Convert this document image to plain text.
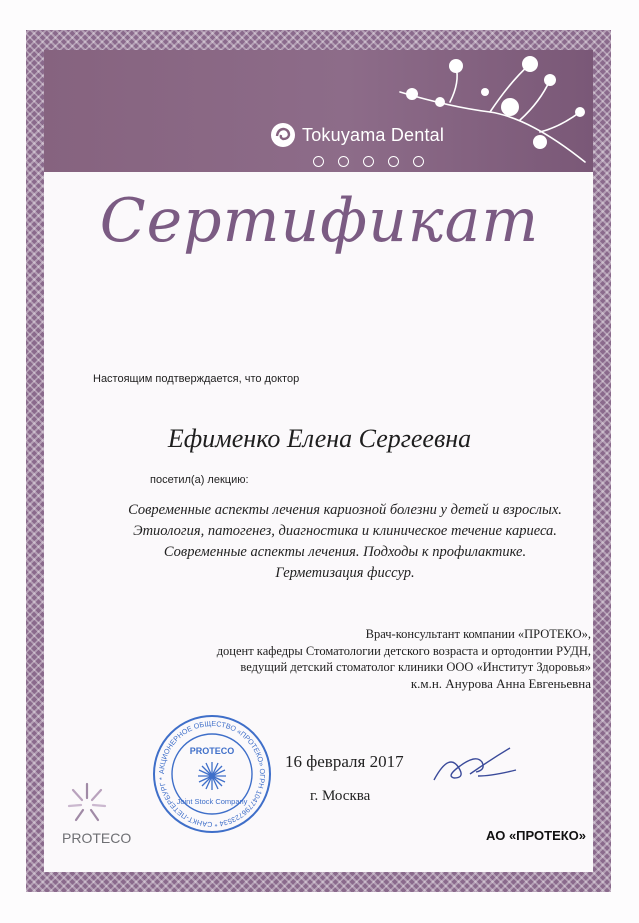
Tokuyama Dental
Сертификат
Настоящим подтверждается, что доктор
Ефименко Елена Сергеевна
посетил(а) лекцию:
Современные аспекты лечения кариозной болезни у детей и взрослых.
Этиология, патогенез, диагностика и клиническое течение кариеса.
Современные аспекты лечения. Подходы к профилактике.
Герметизация фиссур.
Врач-консультант компании «ПРОТЕКО»,
доцент кафедры Стоматологии детского возраста и ортодонтии РУДН,
ведущий детский стоматолог клиники ООО «Институт Здоровья»
к.м.н. Анурова Анна Евгеньевна
АКЦИОНЕРНОЕ ОБЩЕСТВО «ПРОТЕКО» ОГРН 1047796723534 * САНКТ-ПЕТЕРБУРГ *
PROTECO
Joint Stock Company
16 февраля 2017
г. Москва
PROTECO	АО «ПРОТЕКО»
